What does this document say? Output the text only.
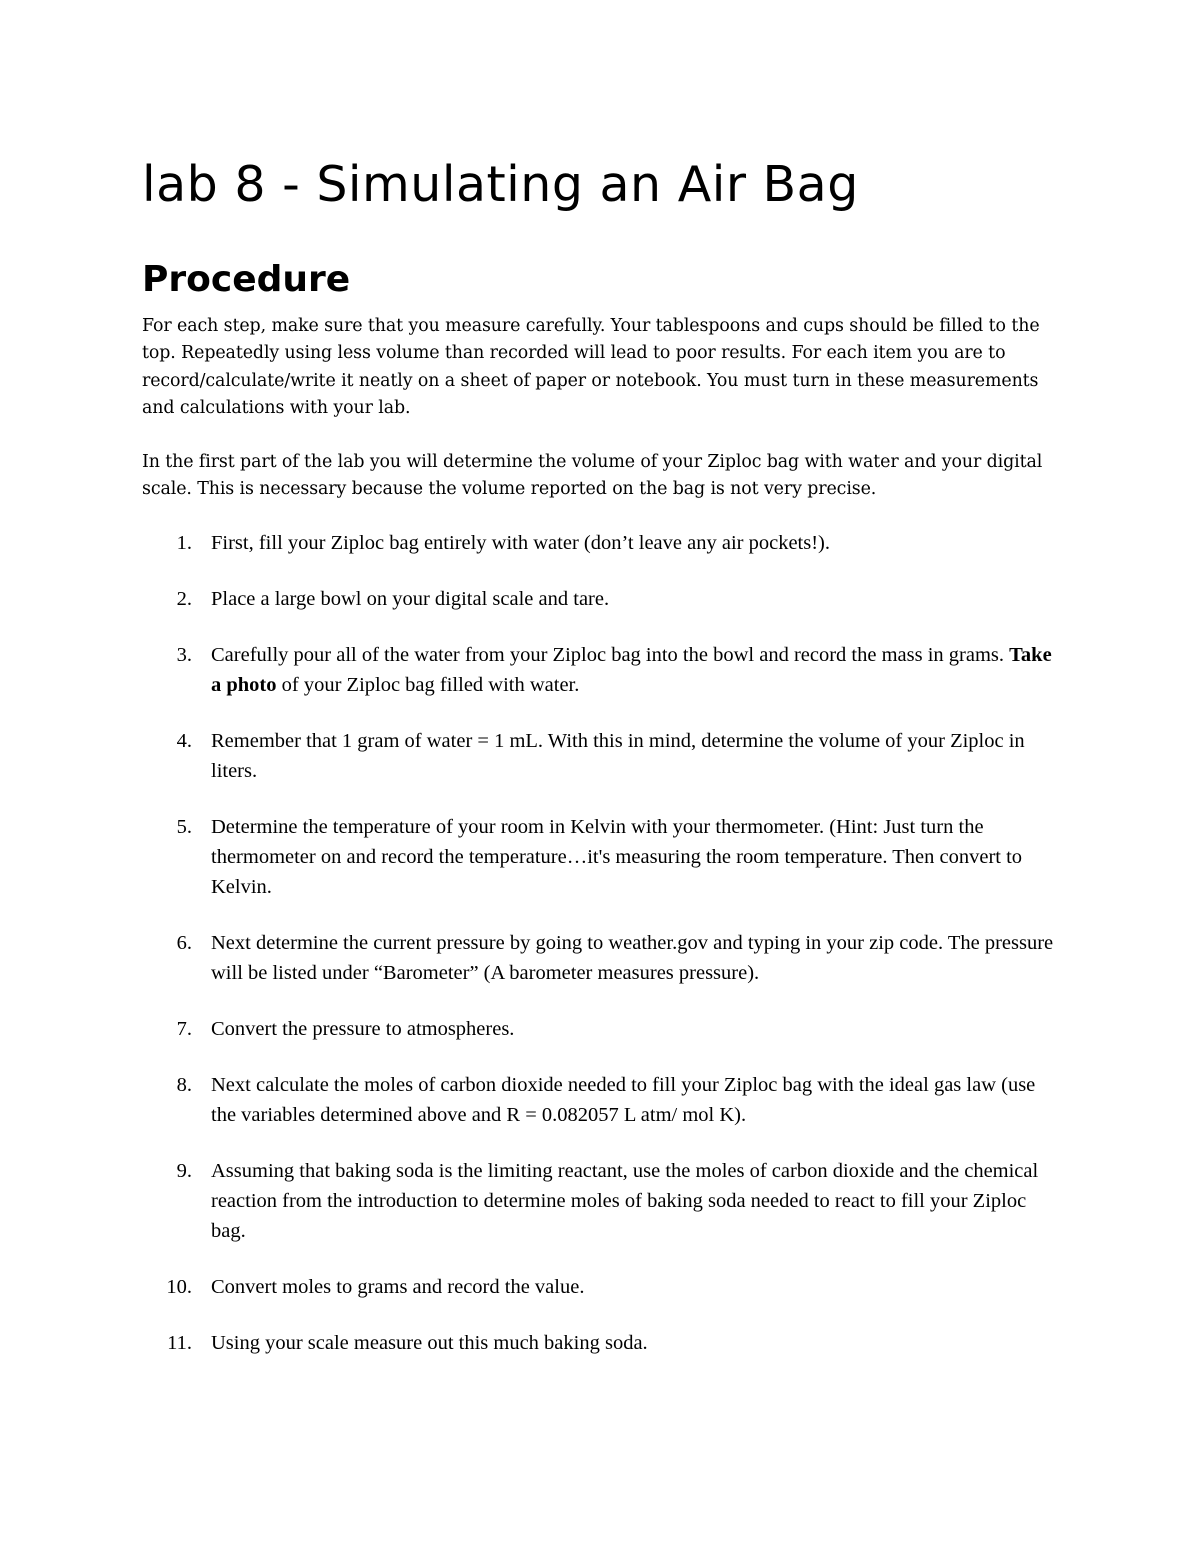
lab 8 - Simulating an Air Bag
Procedure

For each step, make sure that you measure carefully. Your tablespoons and cups should be filled to the top. Repeatedly using less volume than recorded will lead to poor results. For each item you are to record/calculate/write it neatly on a sheet of paper or notebook. You must turn in these measurements and calculations with your lab.

In the first part of the lab you will determine the volume of your Ziploc bag with water and your digital scale. This is necessary because the volume reported on the bag is not very precise.

1. First, fill your Ziploc bag entirely with water (don’t leave any air pockets!).
2. Place a large bowl on your digital scale and tare.
3. Carefully pour all of the water from your Ziploc bag into the bowl and record the mass in grams. Take a photo of your Ziploc bag filled with water.
4. Remember that 1 gram of water = 1 mL. With this in mind, determine the volume of your Ziploc in liters.
5. Determine the temperature of your room in Kelvin with your thermometer. (Hint: Just turn the thermometer on and record the temperature…it's measuring the room temperature. Then convert to Kelvin.
6. Next determine the current pressure by going to weather.gov and typing in your zip code. The pressure will be listed under “Barometer” (A barometer measures pressure).
7. Convert the pressure to atmospheres.
8. Next calculate the moles of carbon dioxide needed to fill your Ziploc bag with the ideal gas law (use the variables determined above and R = 0.082057 L atm/ mol K).
9. Assuming that baking soda is the limiting reactant, use the moles of carbon dioxide and the chemical reaction from the introduction to determine moles of baking soda needed to react to fill your Ziploc bag.
10. Convert moles to grams and record the value.
11. Using your scale measure out this much baking soda.
